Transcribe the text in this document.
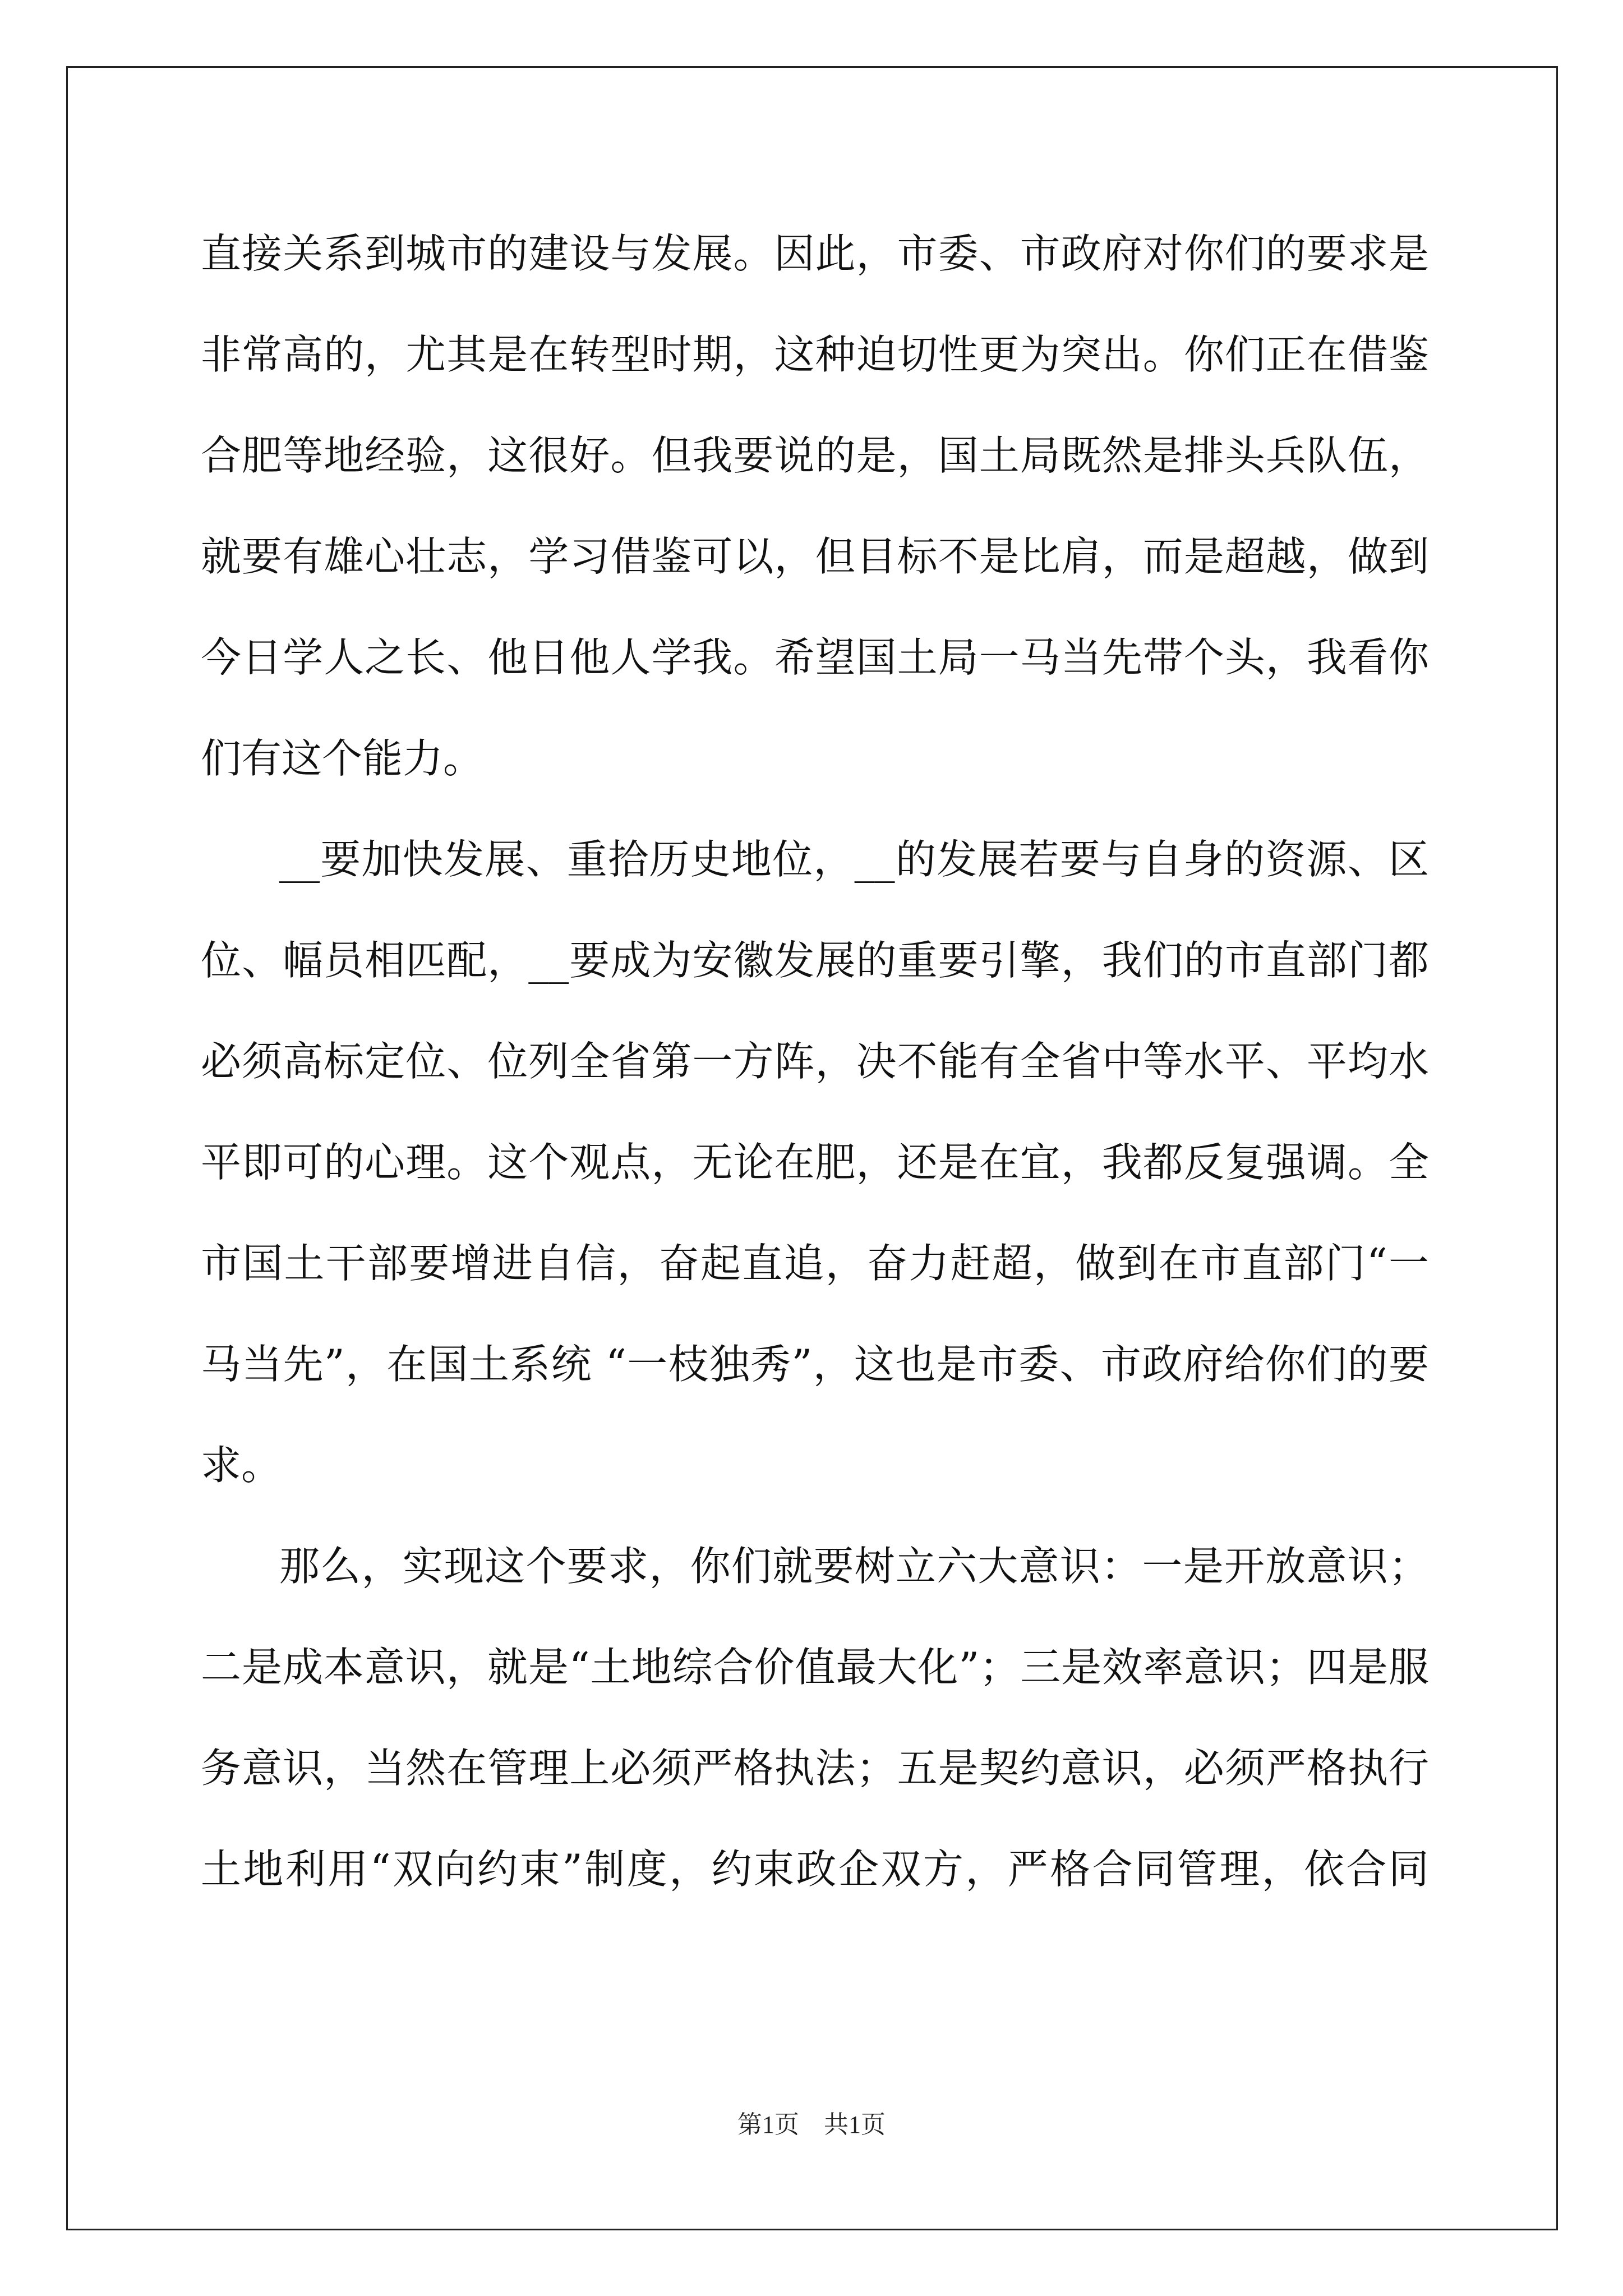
直接关系到城市的建设与发展。因此，市委、市政府对你们的要求是
非常高的，尤其是在转型时期，这种迫切性更为突出。你们正在借鉴
合肥等地经验，这很好。但我要说的是，国土局既然是排头兵队伍，
就要有雄心壮志，学习借鉴可以，但目标不是比肩，而是超越，做到
今日学人之长、他日他人学我。希望国土局一马当先带个头，我看你
们有这个能力。
__要加快发展、重拾历史地位，__的发展若要与自身的资源、区
位、幅员相匹配，__要成为安徽发展的重要引擎，我们的市直部门都
必须高标定位、位列全省第一方阵，决不能有全省中等水平、平均水
平即可的心理。这个观点，无论在肥，还是在宜，我都反复强调。全
市国土干部要增进自信，奋起直追，奋力赶超，做到在市直部门“一
马当先”，在国土系统 “一枝独秀”，这也是市委、市政府给你们的要
求。
那么，实现这个要求，你们就要树立六大意识：一是开放意识；
二是成本意识，就是“土地综合价值最大化”；三是效率意识；四是服
务意识，当然在管理上必须严格执法；五是契约意识，必须严格执行
土地利用“双向约束”制度，约束政企双方，严格合同管理，依合同
第1页　共1页
